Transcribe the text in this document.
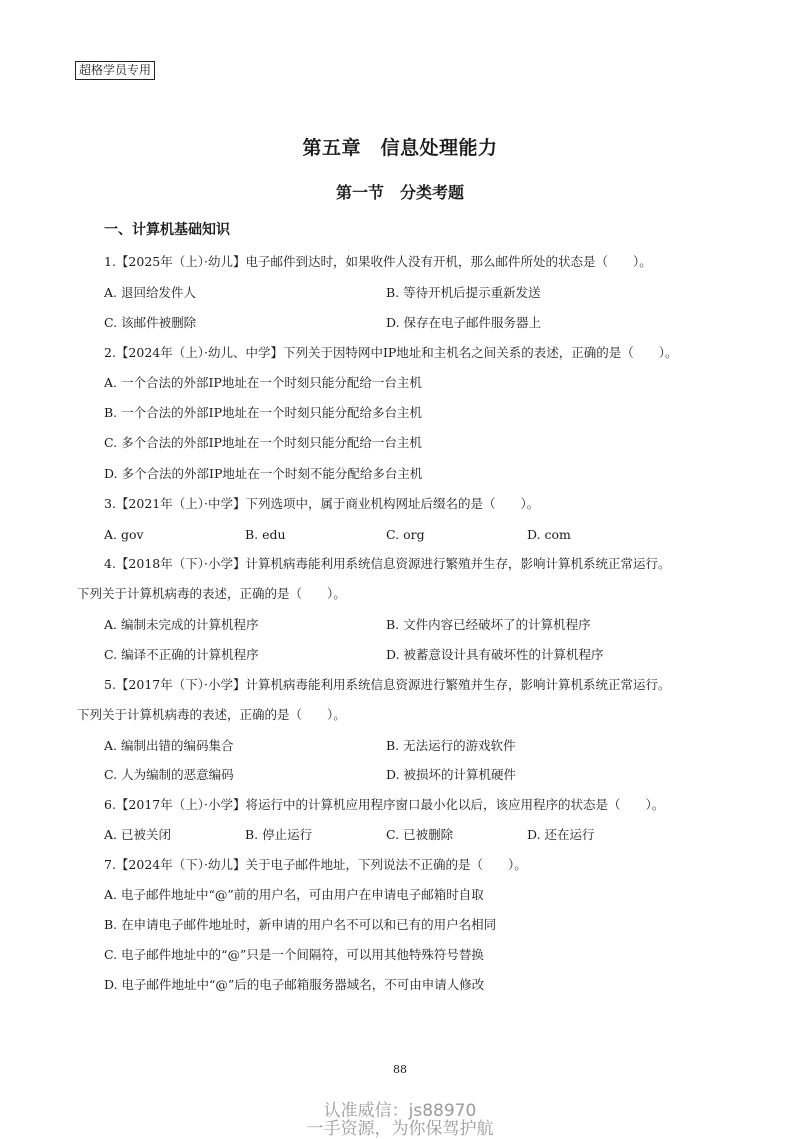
超格学员专用
第五章　信息处理能力
第一节　分类考题
一、计算机基础知识
1.【2025年（上）·幼儿】电子邮件到达时，如果收件人没有开机，那么邮件所处的状态是（　　）。
A. 退回给发件人	B. 等待开机后提示重新发送
C. 该邮件被删除	D. 保存在电子邮件服务器上
2.【2024年（上）·幼儿、中学】下列关于因特网中IP地址和主机名之间关系的表述，正确的是（　　）。
A. 一个合法的外部IP地址在一个时刻只能分配给一台主机
B. 一个合法的外部IP地址在一个时刻只能分配给多台主机
C. 多个合法的外部IP地址在一个时刻只能分配给一台主机
D. 多个合法的外部IP地址在一个时刻不能分配给多台主机
3.【2021年（上）·中学】下列选项中，属于商业机构网址后缀名的是（　　）。
A. gov	B. edu	C. org	D. com
4.【2018年（下）·小学】计算机病毒能利用系统信息资源进行繁殖并生存，影响计算机系统正常运行。
下列关于计算机病毒的表述，正确的是（　　）。
A. 编制未完成的计算机程序	B. 文件内容已经破坏了的计算机程序
C. 编译不正确的计算机程序	D. 被蓄意设计具有破坏性的计算机程序
5.【2017年（下）·小学】计算机病毒能利用系统信息资源进行繁殖并生存，影响计算机系统正常运行。
下列关于计算机病毒的表述，正确的是（　　）。
A. 编制出错的编码集合	B. 无法运行的游戏软件
C. 人为编制的恶意编码	D. 被损坏的计算机硬件
6.【2017年（上）·小学】将运行中的计算机应用程序窗口最小化以后，该应用程序的状态是（　　）。
A. 已被关闭	B. 停止运行	C. 已被删除	D. 还在运行
7.【2024年（下）·幼儿】关于电子邮件地址，下列说法不正确的是（　　）。
A. 电子邮件地址中“@”前的用户名，可由用户在申请电子邮箱时自取
B. 在申请电子邮件地址时，新申请的用户名不可以和已有的用户名相同
C. 电子邮件地址中的“@”只是一个间隔符，可以用其他特殊符号替换
D. 电子邮件地址中“@”后的电子邮箱服务器域名，不可由申请人修改
88
认准威信：js88970
一手资源，为你保驾护航
